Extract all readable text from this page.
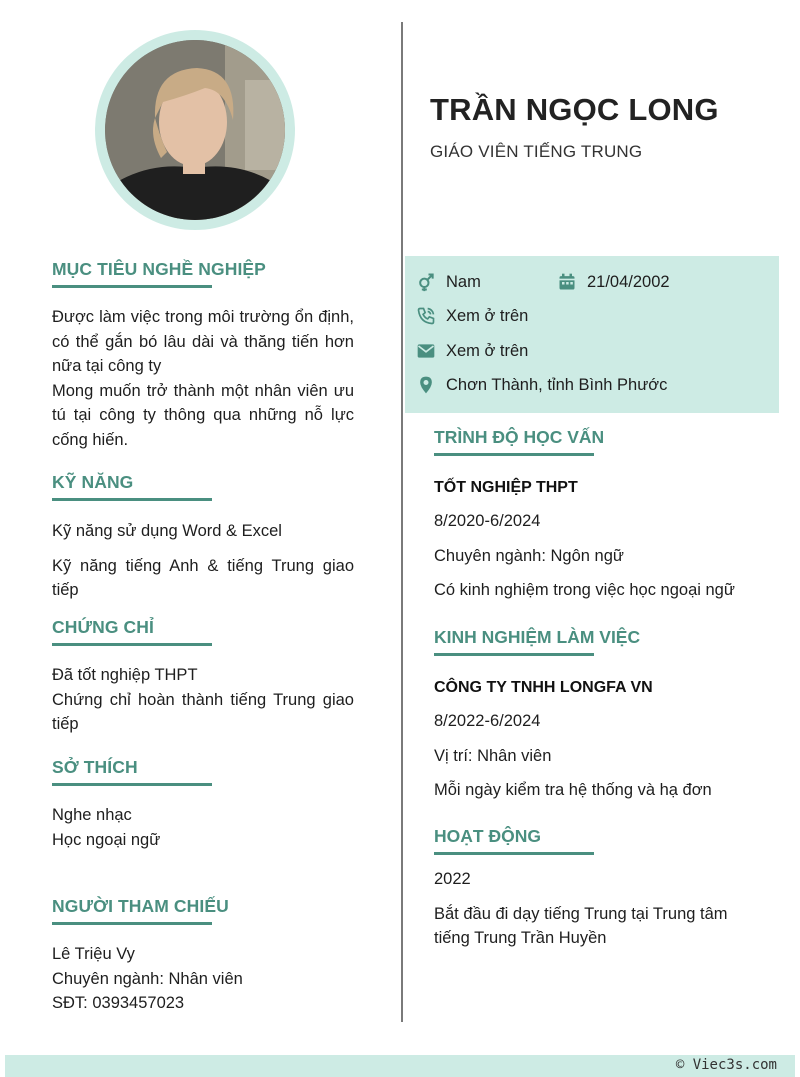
MỤC TIÊU NGHỀ NGHIỆP
Được làm việc trong môi trường ổn định, có thể gắn bó lâu dài và thăng tiến hơn nữa tại công ty
Mong muốn trở thành một nhân viên ưu tú tại công ty thông qua những nỗ lực cống hiến.
KỸ NĂNG
Kỹ năng sử dụng Word & Excel
Kỹ năng tiếng Anh & tiếng Trung giao tiếp
CHỨNG CHỈ
Đã tốt nghiệp THPT
Chứng chỉ hoàn thành tiếng Trung giao tiếp
SỞ THÍCH
Nghe nhạc
Học ngoại ngữ
NGƯỜI THAM CHIẾU
Lê Triệu Vy
Chuyên ngành: Nhân viên
SĐT: 0393457023
TRẦN NGỌC LONG
GIÁO VIÊN TIẾNG TRUNG
Nam	21/04/2002
Xem ở trên
Xem ở trên
Chơn Thành, tỉnh Bình Phước
TRÌNH ĐỘ HỌC VẤN
TỐT NGHIỆP THPT
8/2020-6/2024
Chuyên ngành: Ngôn ngữ
Có kinh nghiệm trong việc học ngoại ngữ
KINH NGHIỆM LÀM VIỆC
CÔNG TY TNHH LONGFA VN
8/2022-6/2024
Vị trí: Nhân viên
Mỗi ngày kiểm tra hệ thống và hạ đơn
HOẠT ĐỘNG
2022
Bắt đầu đi dạy tiếng Trung tại Trung tâm tiếng Trung Trần Huyền
© Viec3s.com
